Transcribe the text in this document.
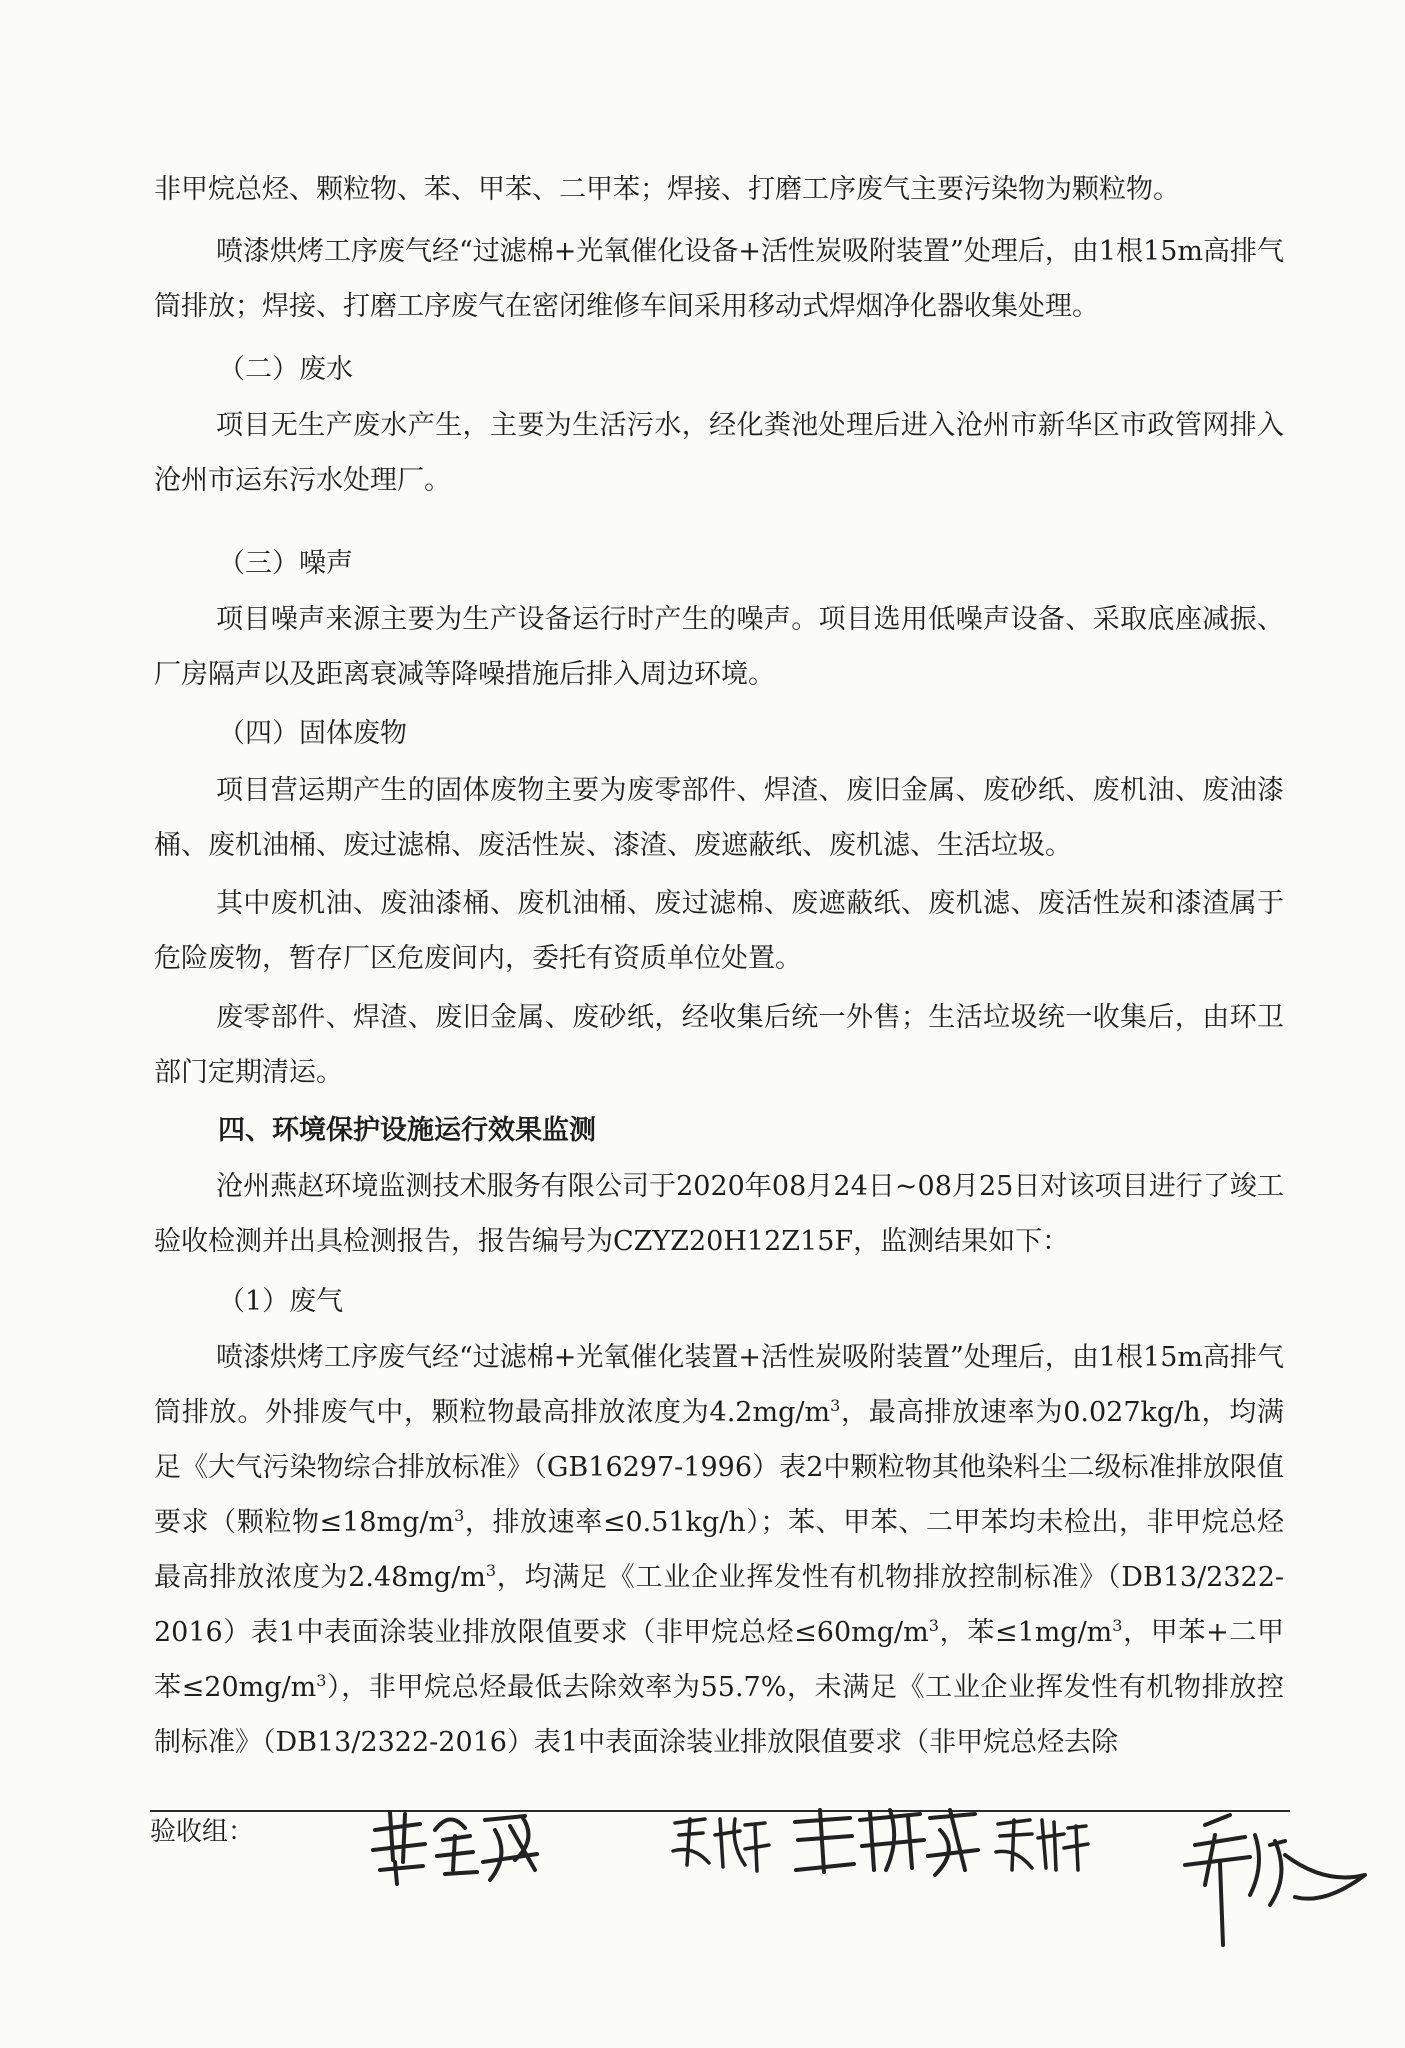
非甲烷总烃、颗粒物、苯、甲苯、二甲苯；焊接、打磨工序废气主要污染物为颗粒物。

喷漆烘烤工序废气经“过滤棉+光氧催化设备+活性炭吸附装置”处理后，由1根15m高排气筒排放；焊接、打磨工序废气在密闭维修车间采用移动式焊烟净化器收集处理。

（二）废水

项目无生产废水产生，主要为生活污水，经化粪池处理后进入沧州市新华区市政管网排入沧州市运东污水处理厂。

（三）噪声

项目噪声来源主要为生产设备运行时产生的噪声。项目选用低噪声设备、采取底座减振、厂房隔声以及距离衰减等降噪措施后排入周边环境。

（四）固体废物

项目营运期产生的固体废物主要为废零部件、焊渣、废旧金属、废砂纸、废机油、废油漆桶、废机油桶、废过滤棉、废活性炭、漆渣、废遮蔽纸、废机滤、生活垃圾。

其中废机油、废油漆桶、废机油桶、废过滤棉、废遮蔽纸、废机滤、废活性炭和漆渣属于危险废物，暂存厂区危废间内，委托有资质单位处置。

废零部件、焊渣、废旧金属、废砂纸，经收集后统一外售；生活垃圾统一收集后，由环卫部门定期清运。

四、环境保护设施运行效果监测

沧州燕赵环境监测技术服务有限公司于2020年08月24日~08月25日对该项目进行了竣工验收检测并出具检测报告，报告编号为CZYZ20H12Z15F，监测结果如下：

（1）废气

喷漆烘烤工序废气经“过滤棉+光氧催化装置+活性炭吸附装置”处理后，由1根15m高排气筒排放。外排废气中，颗粒物最高排放浓度为$4.2mg/m^3$，最高排放速率为0.027kg/h，均满足《大气污染物综合排放标准》（GB16297-1996）表2中颗粒物其他染料尘二级标准排放限值要求（颗粒物$\le 18mg/m^3$，排放速率≤0.51kg/h）；苯、甲苯、二甲苯均未检出，非甲烷总烃最高排放浓度为$2.48mg/m^3$，均满足《工业企业挥发性有机物排放控制标准》（DB13/2322-2016）表1中表面涂装业排放限值要求（非甲烷总烃$\le 60mg/m^3$，苯$\le 1mg/m^3$，甲苯+二甲苯$\le 20mg/m^3$），非甲烷总烃最低去除效率为55.7%，未满足《工业企业挥发性有机物排放控制标准》（DB13/2322-2016）表1中表面涂装业排放限值要求（非甲烷总烃去除

验收组：
